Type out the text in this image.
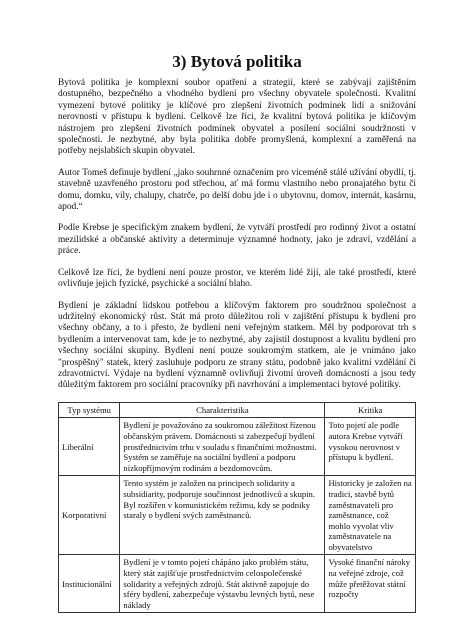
3) Bytová politika

Bytová politika je komplexní soubor opatření a strategií, které se zabývají zajištěním dostupného, bezpečného a vhodného bydlení pro všechny obyvatele společnosti. Kvalitní vymezení bytové politiky je klíčové pro zlepšení životních podmínek lidí a snižování nerovností v přístupu k bydlení. Celkově lze říci, že kvalitní bytová politika je klíčovým nástrojem pro zlepšení životních podmínek obyvatel a posílení sociální soudržnosti v společnosti. Je nezbytné, aby byla politika dobře promyšlená, komplexní a zaměřená na potřeby nejslabších skupin obyvatel.

Autor Tomeš definuje bydlení „jako souhrnné označením pro víceméně stálé užívání obydlí, tj. stavebně uzavřeného prostoru pod střechou, ať má formu vlastního nebo pronajatého bytu či domu, domku, vily, chalupy, chatrče, po delší dobu jde i o ubytovnu, domov, internát, kasárnu, apod.“

Podle Krebse je specifickým znakem bydlení, že vytváří prostředí pro rodinný život a ostatní mezilidské a občanské aktivity a determinuje významné hodnoty, jako je zdraví, vzdělání a práce.

Celkově lze říci, že bydlení není pouze prostor, ve kterém lidé žijí, ale také prostředí, které ovlivňuje jejich fyzické, psychické a sociální blaho.

Bydlení je základní lidskou potřebou a klíčovým faktorem pro soudržnou společnost a udržitelný ekonomický růst. Stát má proto důležitou roli v zajištění přístupu k bydlení pro všechny občany, a to i přesto, že bydlení není veřejným statkem. Měl by podporovat trh s bydlením a intervenovat tam, kde je to nezbytné, aby zajistil dostupnost a kvalitu bydlení pro všechny sociální skupiny. Bydlení není pouze soukromým statkem, ale je vnímáno jako "prospěšný" statek, který zasluhuje podporu ze strany státu, podobně jako kvalitní vzdělání či zdravotnictví. Výdaje na bydlení významně ovlivňují životní úroveň domácností a jsou tedy důležitým faktorem pro sociální pracovníky při navrhování a implementaci bytové politiky.

Typ systému	Charakteristika	Kritika
Liberální	Bydlení je považováno za soukromou záležitost řízenou občanským právem. Domácnosti si zabezpečují bydlení prostřednictvím trhu v souladu s finančními možnostmi. Systém se zaměřuje na sociální bydlení a podporu nízkopříjmovým rodinám a bezdomovcům.	Toto pojetí ale podle autora Krebse vytváří vysokou nerovnost v přístupu k bydlení.
Korporativní	Tento systém je založen na principech solidarity a subsidiarity, podporuje součinnost jednotlivců a skupin. Byl rozšířen v komunistickém režimu, kdy se podniky staraly o bydlení svých zaměstnanců.	Historicky je založen na tradici, stavbě bytů zaměstnavateli pro zaměstnance, což mohlo vyvolat vliv zaměstnavatele na obyvatelstvo
Institucionální	Bydlení je v tomto pojetí chápáno jako problém státu, který stát zajišťuje prostřednictvím celospolečenské solidarity a veřejných zdrojů. Stát aktivně zapojuje do sféry bydlení, zabezpečuje výstavbu levných bytů, nese náklady	Vysoké finanční nároky na veřejné zdroje, což může přetěžovat státní rozpočty
